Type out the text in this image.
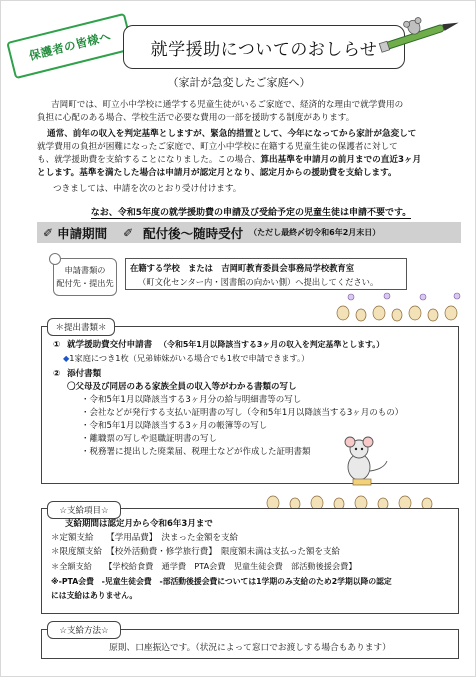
保護者の皆様へ	就学援助についてのおしらせ
（家計が急変したご家庭へ）
吉岡町では、町立小中学校に通学する児童生徒がいるご家庭で、経済的な理由で就学費用の
負担に心配のある場合、学校生活で必要な費用の一部を援助する制度があります。
通常、前年の収入を判定基準としますが、緊急的措置として、今年になってから家計が急変して
就学費用の負担が困難になったご家庭で、町立小中学校に在籍する児童生徒の保護者に対して
も、就学援助費を支給することになりました。この場合、算出基準を申請月の前月までの直近3ヶ月
とします。基準を満たした場合は申請月が認定月となり、認定月からの援助費を支給します。
つきましては、申請を次のとおり受け付けます。
なお、令和5年度の就学援助費の申請及び受給予定の児童生徒は申請不要です。
✐ 申請期間 ✐ 配付後～随時受付 （ただし最終〆切令和6年2月末日）
申請書類の
配付先・提出先
在籍する学校　または　吉岡町教育委員会事務局学校教育室
（町文化センター内・図書館の向かい側）へ提出してください。
＊提出書類＊
① 就学援助費交付申請書 （令和5年1月以降該当する3ヶ月の収入を判定基準とします。）
◆1家庭につき1枚（兄弟姉妹がいる場合でも1枚で申請できます。）
② 添付書類
〇父母及び同居のある家族全員の収入等がわかる書類の写し
・令和5年1月以降該当する3ヶ月分の給与明細書等の写し
・会社などが発行する支払い証明書の写し（令和5年1月以降該当する3ヶ月のもの）
・令和5年1月以降該当する3ヶ月の帳簿等の写し
・離職票の写しや退職証明書の写し
・税務署に提出した廃業届、税理士などが作成した証明書類
☆支給項目☆
支給期間は認定月から令和6年3月まで
＊定額支給　　【学用品費】　決まった金額を支給
＊限度額支給　【校外活動費・修学旅行費】　限度額未満は支払った額を支給
＊全額支給　　【学校給食費　通学費　PTA会費　児童生徒会費　部活動後援会費】
※-PTA会費　-児童生徒会費　-部活動後援会費については1学期のみ支給のため2学期以降の認定
には支給はありません。
☆支給方法☆
原則、口座振込です。（状況によって窓口でお渡しする場合もあります）
